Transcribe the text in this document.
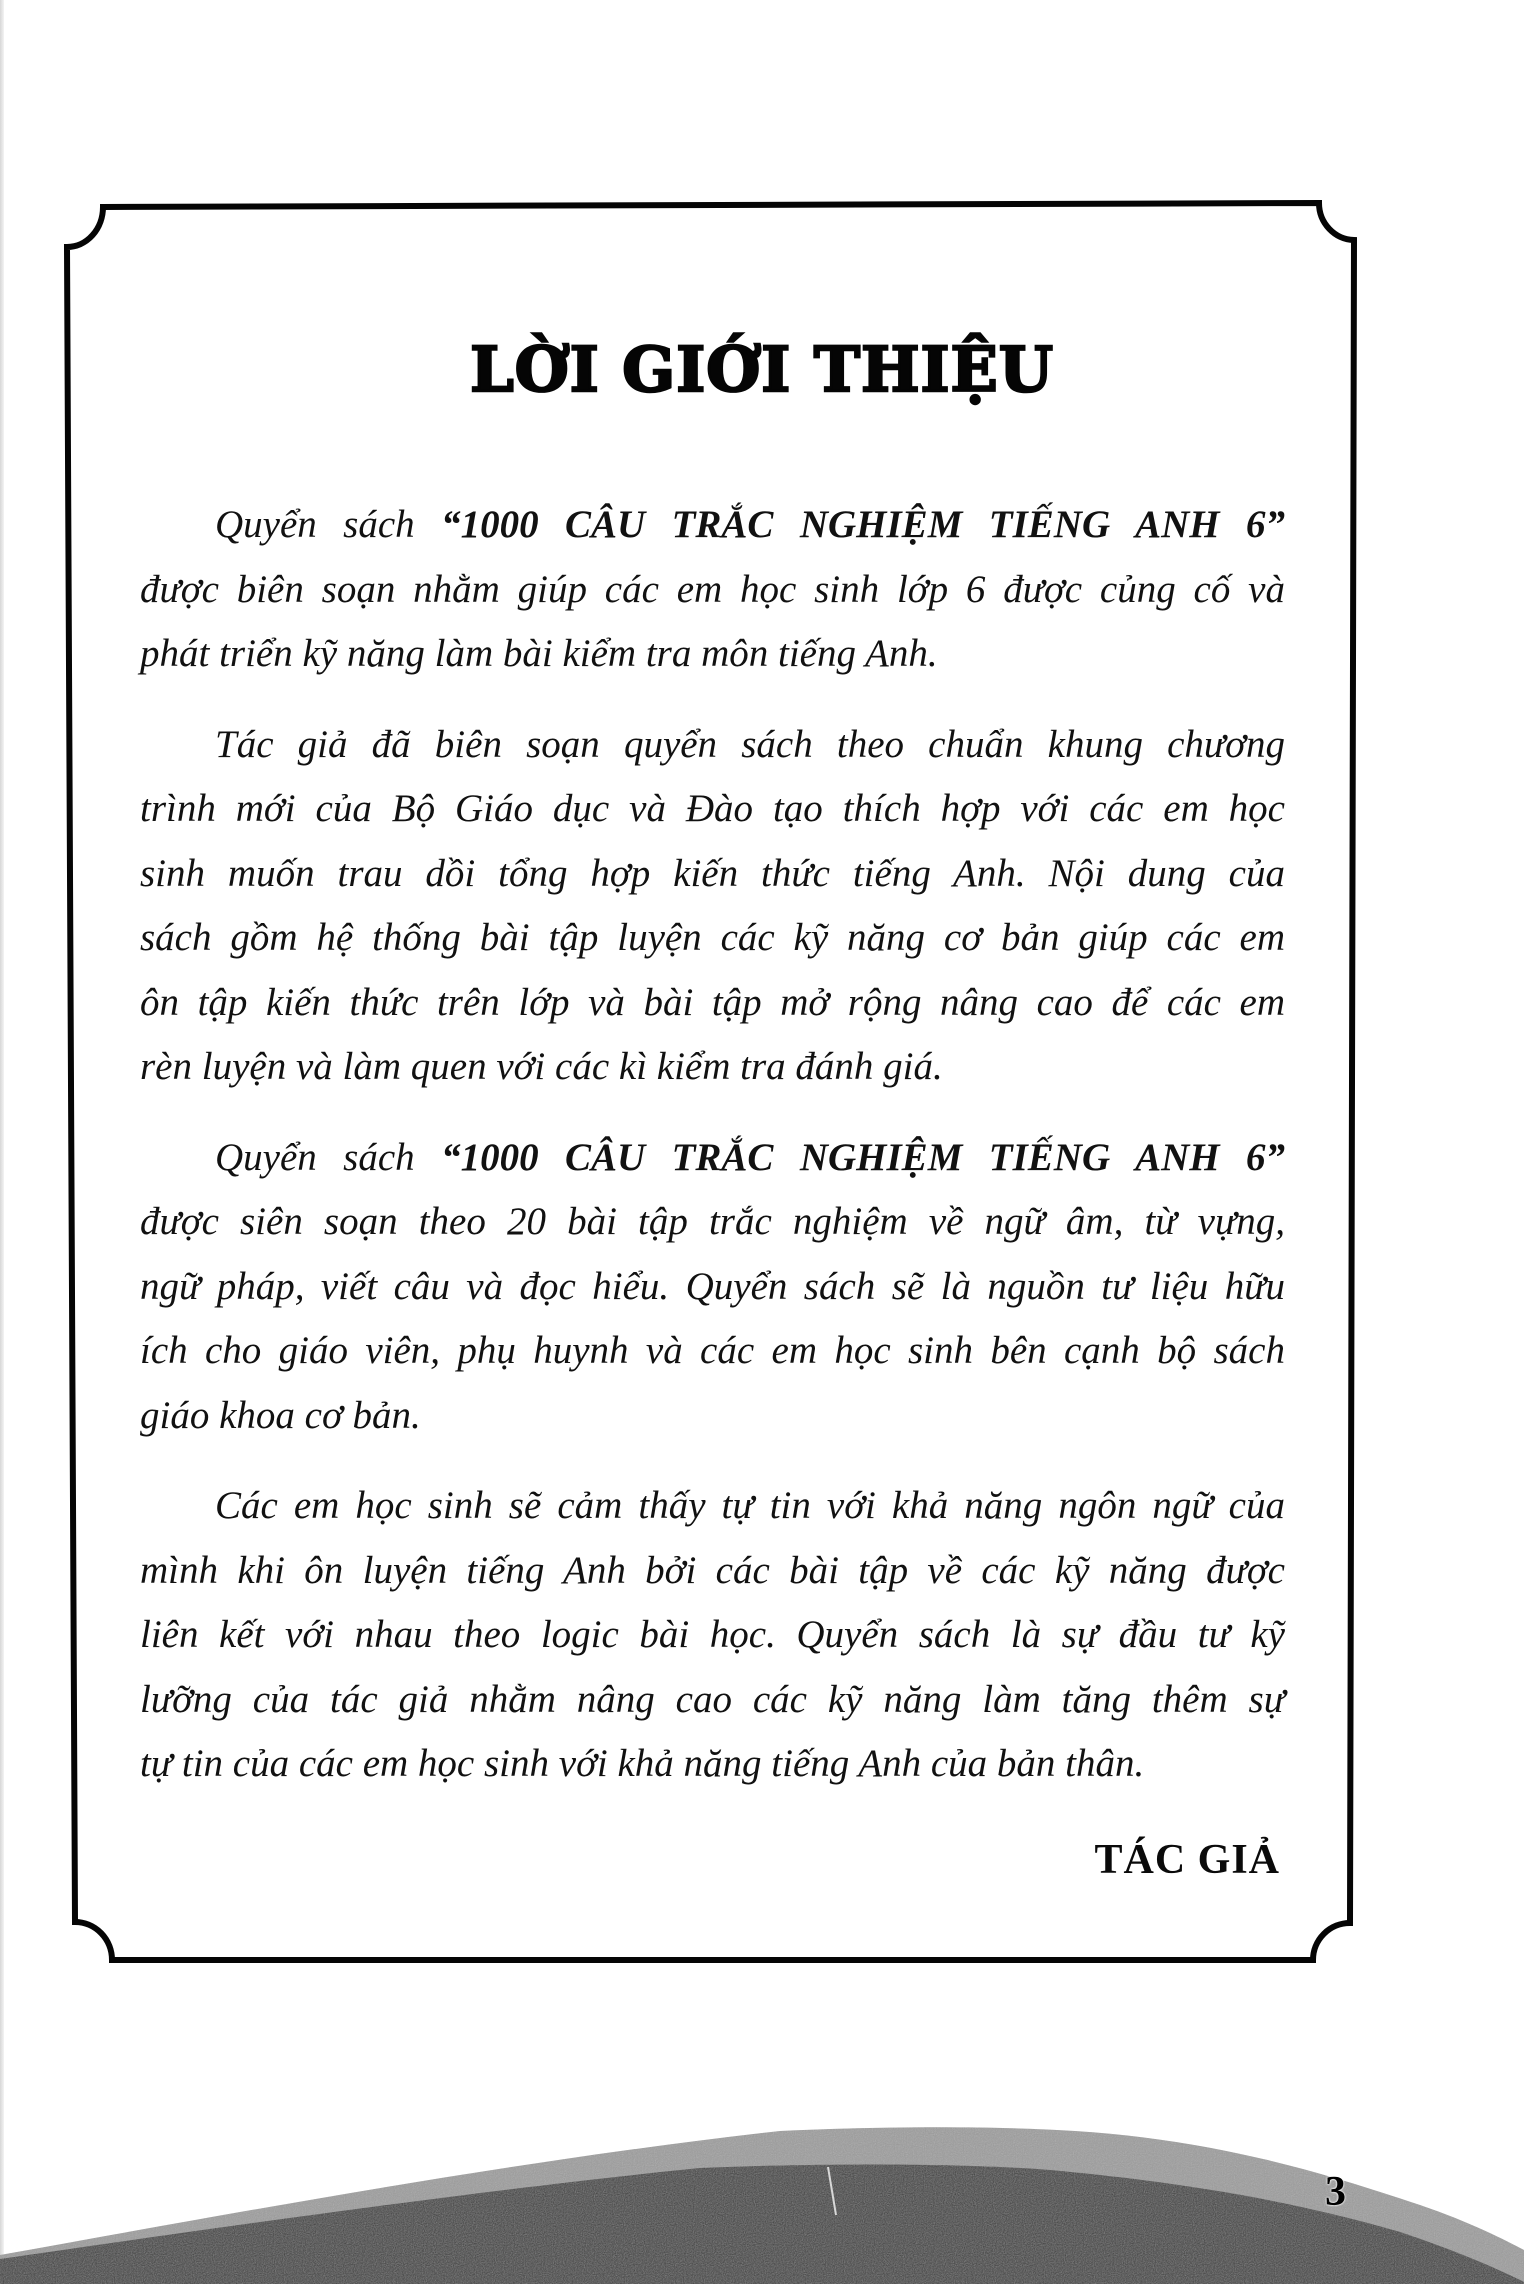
LỜI GIỚI THIỆU
Quyển sách “1000 CÂU TRẮC NGHIỆM TIẾNG ANH 6”
được biên soạn nhằm giúp các em học sinh lớp 6 được củng cố và
phát triển kỹ năng làm bài kiểm tra môn tiếng Anh.
Tác giả đã biên soạn quyển sách theo chuẩn khung chương
trình mới của Bộ Giáo dục và Đào tạo thích hợp với các em học
sinh muốn trau dồi tổng hợp kiến thức tiếng Anh. Nội dung của
sách gồm hệ thống bài tập luyện các kỹ năng cơ bản giúp các em
ôn tập kiến thức trên lớp và bài tập mở rộng nâng cao để các em
rèn luyện và làm quen với các kì kiểm tra đánh giá.
Quyển sách “1000 CÂU TRẮC NGHIỆM TIẾNG ANH 6”
được siên soạn theo 20 bài tập trắc nghiệm về ngữ âm, từ vựng,
ngữ pháp, viết câu và đọc hiểu. Quyển sách sẽ là nguồn tư liệu hữu
ích cho giáo viên, phụ huynh và các em học sinh bên cạnh bộ sách
giáo khoa cơ bản.
Các em học sinh sẽ cảm thấy tự tin với khả năng ngôn ngữ của
mình khi ôn luyện tiếng Anh bởi các bài tập về các kỹ năng được
liên kết với nhau theo logic bài học. Quyển sách là sự đầu tư kỹ
lưỡng của tác giả nhằm nâng cao các kỹ năng làm tăng thêm sự
tự tin của các em học sinh với khả năng tiếng Anh của bản thân.
TÁC GIẢ
3
